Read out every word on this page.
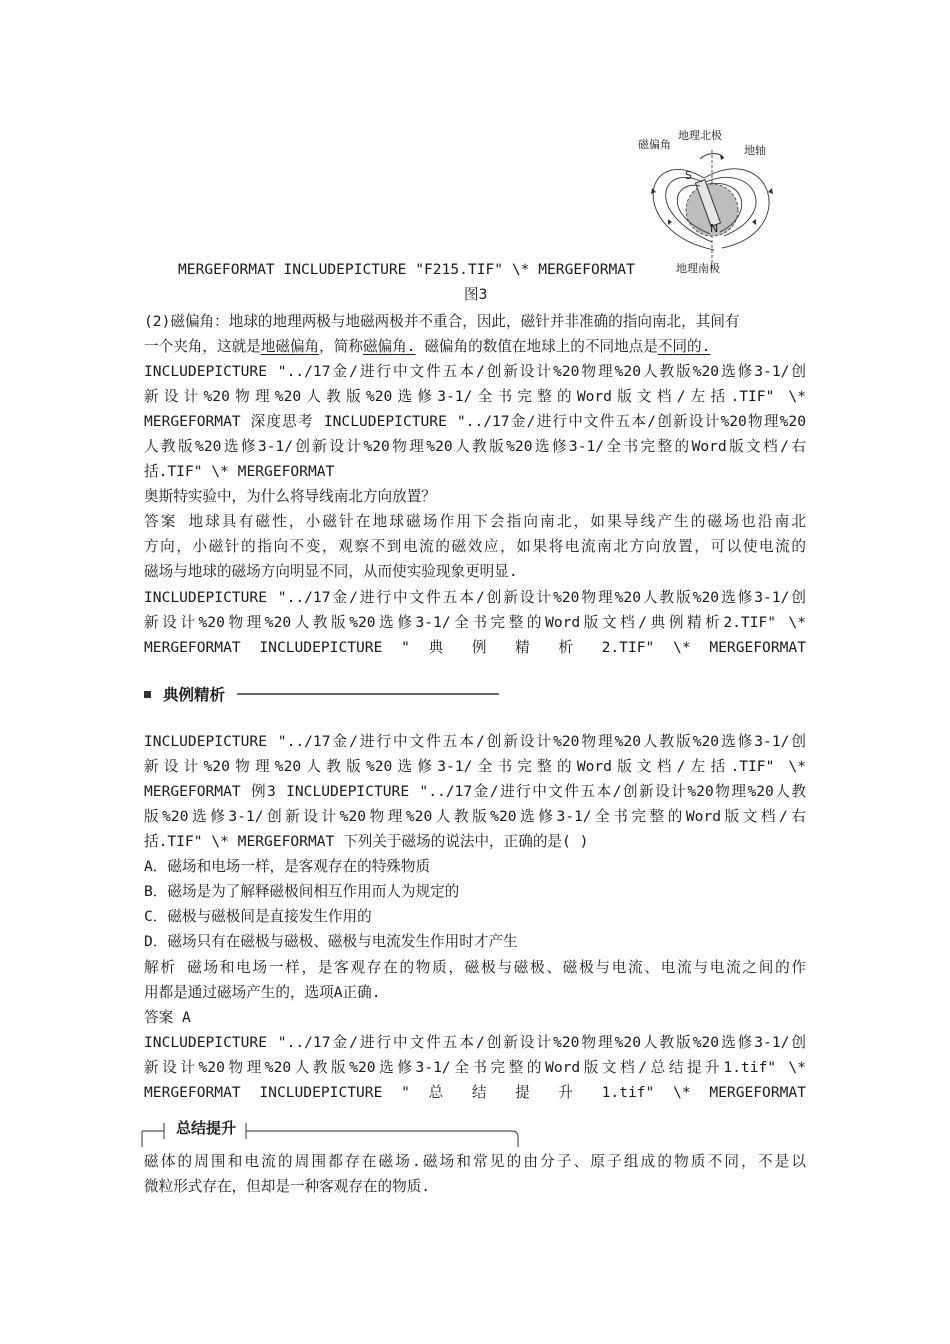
磁偏角
地理北极
地轴
S
N
地理南极
MERGEFORMAT INCLUDEPICTURE "F215.TIF" \* MERGEFORMAT
图3
(2)磁偏角：地球的地理两极与地磁两极并不重合，因此，磁针并非准确的指向南北，其间有
一个夹角，这就是地磁偏角，简称磁偏角. 磁偏角的数值在地球上的不同地点是不同的.
INCLUDEPICTURE "../17金/进行中文件五本/创新设计%20物理%20人教版%20选修3-1/创
新设计%20物理%20人教版%20选修3-1/全书完整的Word版文档/左括.TIF" \*
MERGEFORMAT 深度思考 INCLUDEPICTURE "../17金/进行中文件五本/创新设计%20物理%20
人教版%20选修3-1/创新设计%20物理%20人教版%20选修3-1/全书完整的Word版文档/右
括.TIF" \* MERGEFORMAT
奥斯特实验中，为什么将导线南北方向放置？
答案 地球具有磁性，小磁针在地球磁场作用下会指向南北，如果导线产生的磁场也沿南北
方向，小磁针的指向不变，观察不到电流的磁效应，如果将电流南北方向放置，可以使电流的
磁场与地球的磁场方向明显不同，从而使实验现象更明显.
INCLUDEPICTURE "../17金/进行中文件五本/创新设计%20物理%20人教版%20选修3-1/创
新设计%20物理%20人教版%20选修3-1/全书完整的Word版文档/典例精析2.TIF" \*
MERGEFORMAT INCLUDEPICTURE " 典 例 精 析 2.TIF" \* MERGEFORMAT
典例精析
INCLUDEPICTURE "../17金/进行中文件五本/创新设计%20物理%20人教版%20选修3-1/创
新设计%20物理%20人教版%20选修3-1/全书完整的Word版文档/左括.TIF" \*
MERGEFORMAT 例3 INCLUDEPICTURE "../17金/进行中文件五本/创新设计%20物理%20人教
版%20选修3-1/创新设计%20物理%20人教版%20选修3-1/全书完整的Word版文档/右
括.TIF" \* MERGEFORMAT 下列关于磁场的说法中，正确的是( )
A．磁场和电场一样，是客观存在的特殊物质
B．磁场是为了解释磁极间相互作用而人为规定的
C．磁极与磁极间是直接发生作用的
D．磁场只有在磁极与磁极、磁极与电流发生作用时才产生
解析 磁场和电场一样，是客观存在的物质，磁极与磁极、磁极与电流、电流与电流之间的作
用都是通过磁场产生的，选项A正确.
答案 A
INCLUDEPICTURE "../17金/进行中文件五本/创新设计%20物理%20人教版%20选修3-1/创
新设计%20物理%20人教版%20选修3-1/全书完整的Word版文档/总结提升1.tif" \*
MERGEFORMAT INCLUDEPICTURE " 总 结 提 升 1.tif" \* MERGEFORMAT
总结提升
磁体的周围和电流的周围都存在磁场.磁场和常见的由分子、原子组成的物质不同，不是以
微粒形式存在，但却是一种客观存在的物质.
